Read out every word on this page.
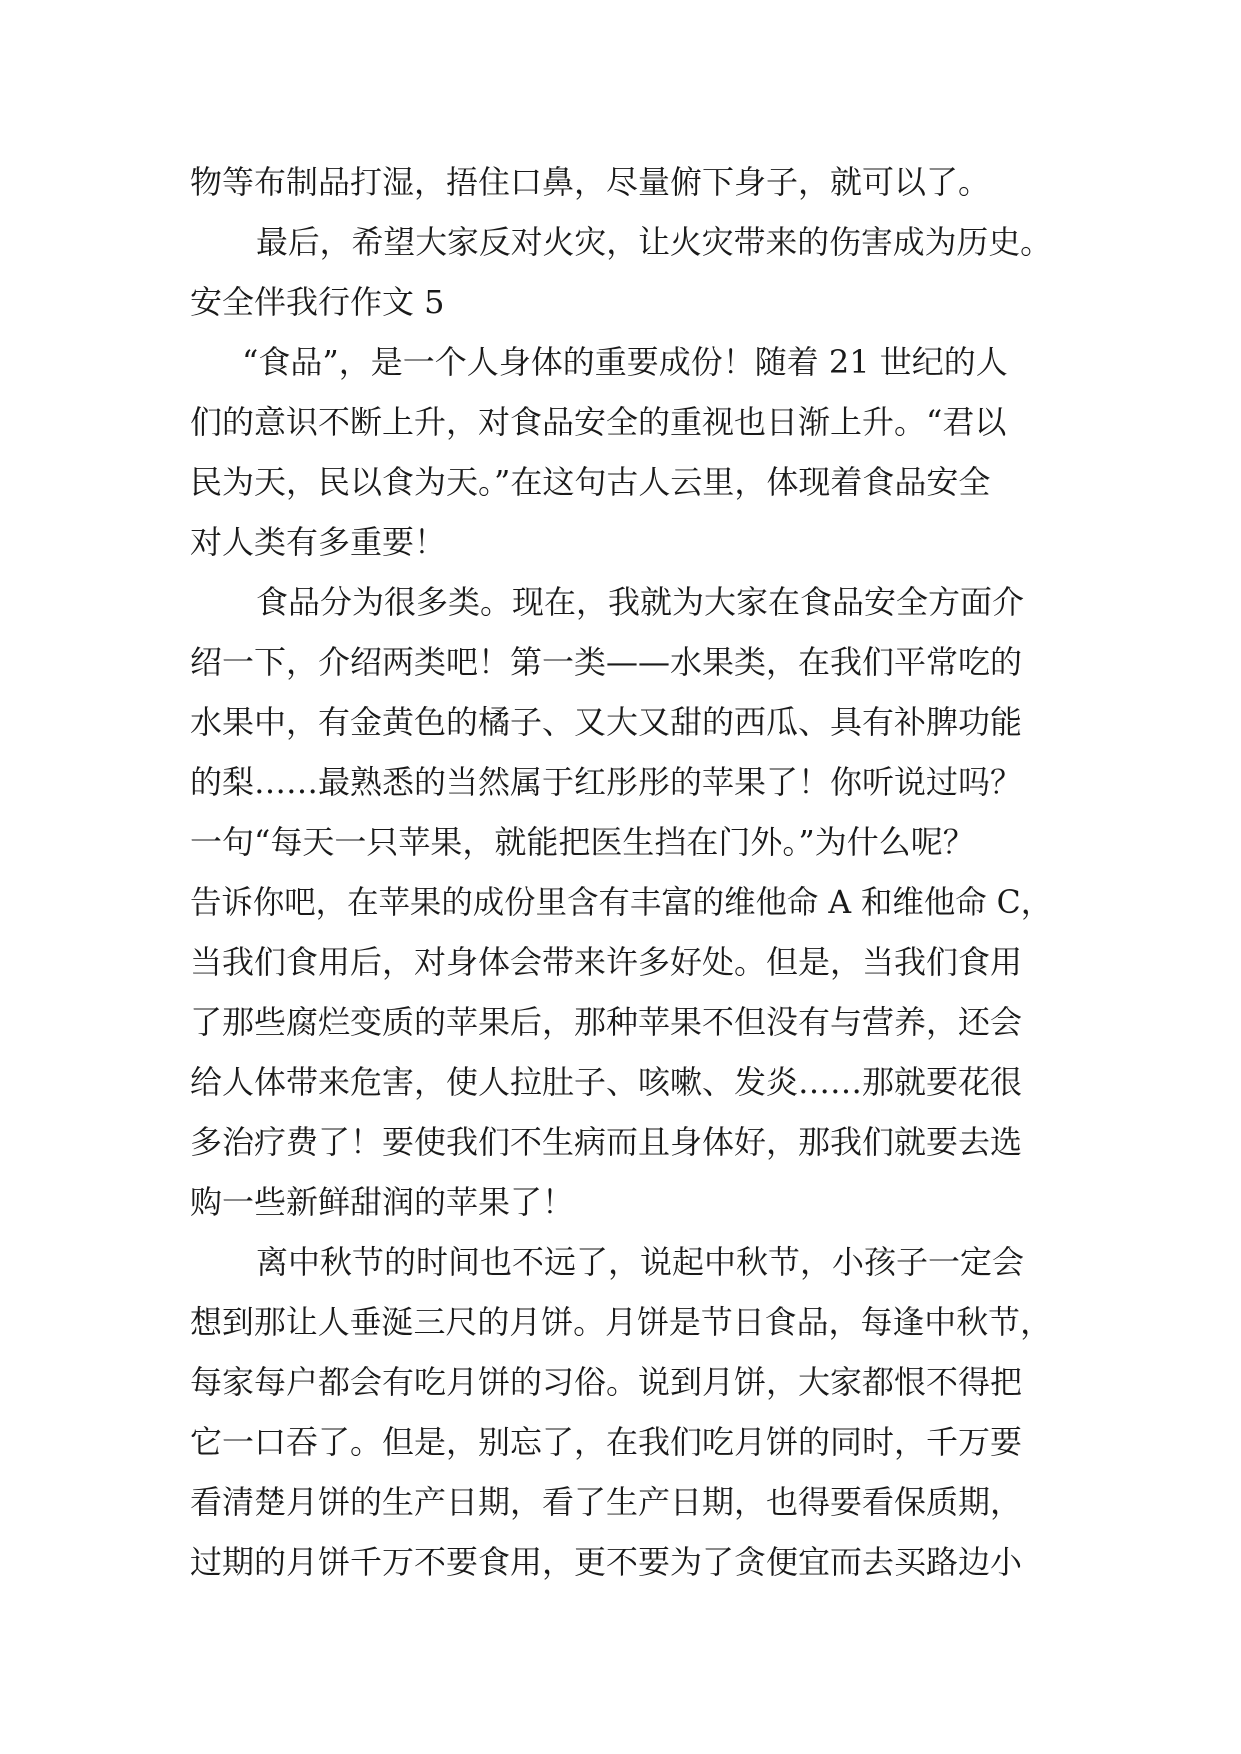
物等布制品打湿，捂住口鼻，尽量俯下身子，就可以了。
最后，希望大家反对火灾，让火灾带来的伤害成为历史。
安全伴我行作文 5
“食品”，是一个人身体的重要成份！随着 21 世纪的人
们的意识不断上升，对食品安全的重视也日渐上升。“君以
民为天，民以食为天。”在这句古人云里，体现着食品安全
对人类有多重要！
食品分为很多类。现在，我就为大家在食品安全方面介
绍一下，介绍两类吧！第一类——水果类，在我们平常吃的
水果中，有金黄色的橘子、又大又甜的西瓜、具有补脾功能
的梨……最熟悉的当然属于红彤彤的苹果了！你听说过吗？
一句“每天一只苹果，就能把医生挡在门外。”为什么呢？
告诉你吧，在苹果的成份里含有丰富的维他命 A 和维他命 C，
当我们食用后，对身体会带来许多好处。但是，当我们食用
了那些腐烂变质的苹果后，那种苹果不但没有与营养，还会
给人体带来危害，使人拉肚子、咳嗽、发炎……那就要花很
多治疗费了！要使我们不生病而且身体好，那我们就要去选
购一些新鲜甜润的苹果了！
离中秋节的时间也不远了，说起中秋节，小孩子一定会
想到那让人垂涎三尺的月饼。月饼是节日食品，每逢中秋节，
每家每户都会有吃月饼的习俗。说到月饼，大家都恨不得把
它一口吞了。但是，别忘了，在我们吃月饼的同时，千万要
看清楚月饼的生产日期，看了生产日期，也得要看保质期，
过期的月饼千万不要食用，更不要为了贪便宜而去买路边小
